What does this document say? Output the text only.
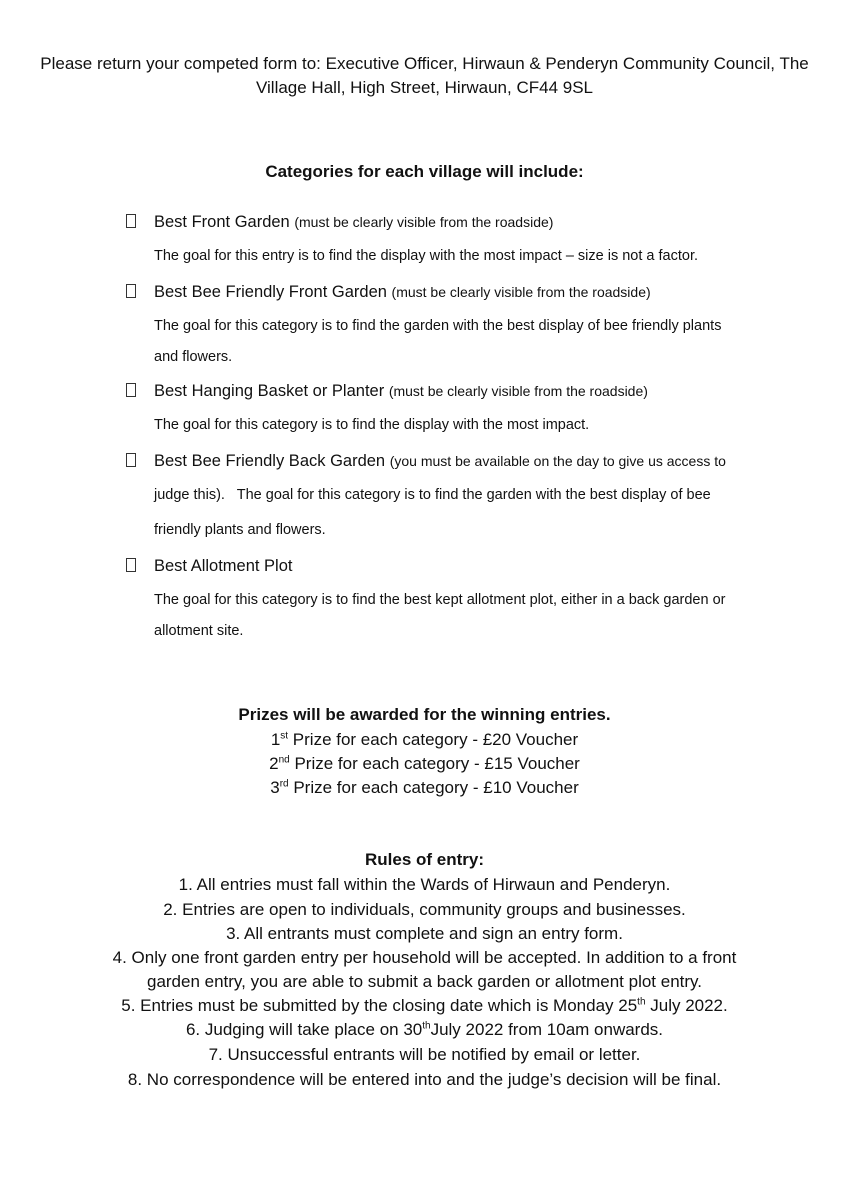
Please return your competed form to: Executive Officer, Hirwaun & Penderyn Community Council, The Village Hall, High Street, Hirwaun, CF44 9SL
Categories for each village will include:
Best Front Garden (must be clearly visible from the roadside)
The goal for this entry is to find the display with the most impact – size is not a factor.
Best Bee Friendly Front Garden (must be clearly visible from the roadside)
The goal for this category is to find the garden with the best display of bee friendly plants
and flowers.
Best Hanging Basket or Planter (must be clearly visible from the roadside)
The goal for this category is to find the display with the most impact.
Best Bee Friendly Back Garden (you must be available on the day to give us access to
judge this).   The goal for this category is to find the garden with the best display of bee
friendly plants and flowers.
Best Allotment Plot
The goal for this category is to find the best kept allotment plot, either in a back garden or
allotment site.
Prizes will be awarded for the winning entries.
1st Prize for each category - £20 Voucher
2nd Prize for each category - £15 Voucher
3rd Prize for each category - £10 Voucher
Rules of entry:
1. All entries must fall within the Wards of Hirwaun and Penderyn.
2. Entries are open to individuals, community groups and businesses.
3. All entrants must complete and sign an entry form.
4. Only one front garden entry per household will be accepted. In addition to a front
garden entry, you are able to submit a back garden or allotment plot entry.
5. Entries must be submitted by the closing date which is Monday 25th July 2022.
6. Judging will take place on 30thJuly 2022 from 10am onwards.
7. Unsuccessful entrants will be notified by email or letter.
8. No correspondence will be entered into and the judge’s decision will be final.
